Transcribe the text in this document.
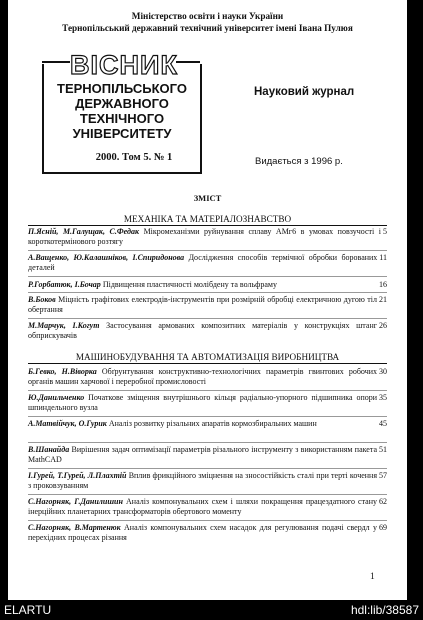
Міністерство освіти і науки України
Тернопільський державний технічний університет імені Івана Пулюя
ВІСНИК
ТЕРНОПІЛЬСЬКОГО
ДЕРЖАВНОГО
ТЕХНІЧНОГО
УНІВЕРСИТЕТУ
2000. Том 5. № 1
Науковий журнал
Видається з 1996 р.
ЗМІСТ
МЕХАНІКА ТА МАТЕРІАЛОЗНАВСТВО
5
П.Ясній, М.Галущак, С.Федак Мікромеханізми руйнування сплаву АМг6 в умовах повзучості і короткотермінового розтягу
11
А.Ващенко, Ю.Калашніков, І.Спиридонова Дослідження способів термічної обробки борованих деталей
16
Р.Горбатюк, І.Бочар Підвищення пластичності молібдену та вольфраму
21
В.Боков Міцність графітових електродів-інструментів при розмірній обробці електричною дугою тіл обертання
26
М.Марчук, І.Когут Застосування армованих композитних матеріалів у конструкціях штанг обприскувачів
МАШИНОБУДУВАННЯ ТА АВТОМАТИЗАЦІЯ ВИРОБНИЦТВА
30
Б.Гевко, Н.Віворка Обґрунтування конструктивно-технологічних параметрів гвинтових робочих органів машин харчової і переробної промисловості
35
Ю.Данильченко Початкове зміщення внутрішнього кільця радіально-упорного підшипника опори шпиндельного вузла
45
А.Матвійчук, О.Гурик Аналіз розвитку різальних апаратів кормозбиральних машин
51
В.Шанайда Вирішення задач оптимізації параметрів різального інструменту з використанням пакета MathCAD
57
І.Гурей, Т.Гурей, Л.Плахтій Вплив фрикційного зміцнення на зносостійкість сталі при терті кочення з проковзуванням
62
С.Нагорняк, Г.Данилишин Аналіз компонувальних схем і шляхи покращення працездатного стану інерційних планетарних трансформаторів обертового моменту
69
С.Нагорняк, В.Мартенюк Аналіз компонувальних схем насадок для регулювання подачі свердл у перехідних процесах різання
1
ELARTU	hdl:lib/38587
